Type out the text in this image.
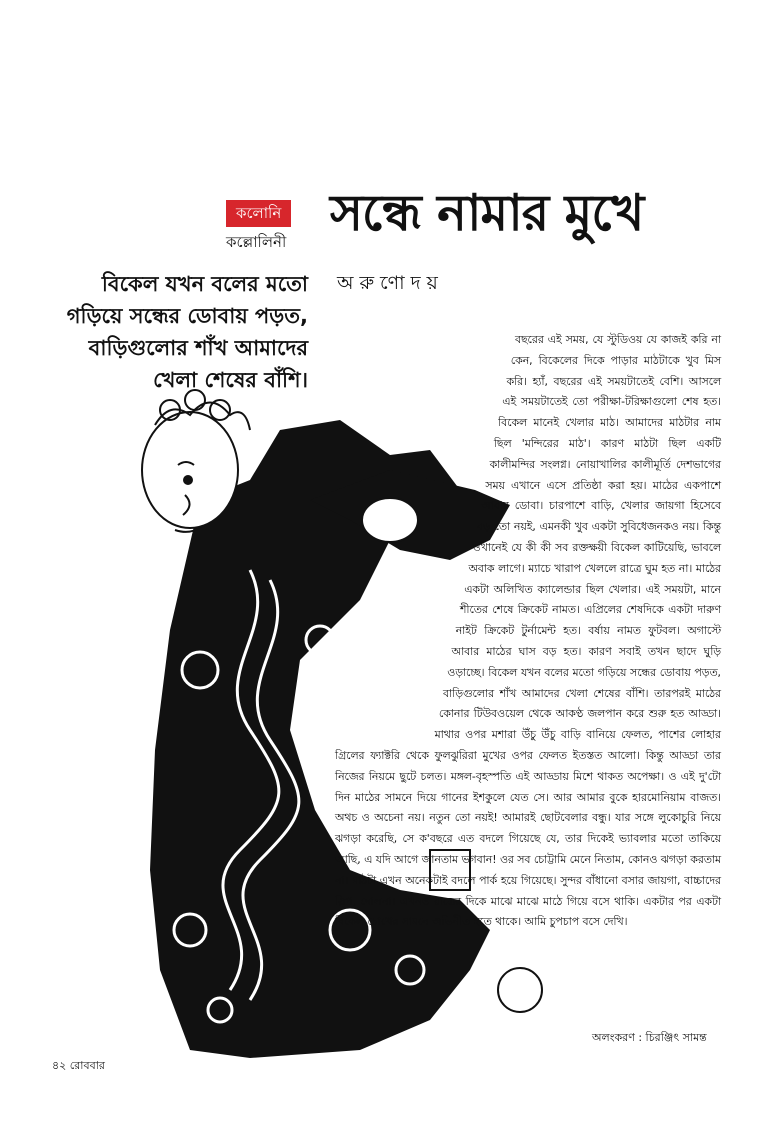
কলোনি
কল্লোলিনী সন্ধে নামার মুখে
অরুণোদয়
বিকেল যখন বলের মতো গড়িয়ে সন্ধের ডোবায় পড়ত, বাড়িগুলোর শাঁখ আমাদের খেলা শেষের বাঁশি।
বছরের এই সময়, যে স্টুডিওয় যে কাজই করি না কেন, বিকেলের দিকে পাড়ার মাঠটাকে খুব মিস করি। হ্যাঁ, বছরের এই সময়টাতেই বেশি। আসলে এই সময়টাতেই তো পরীক্ষা-টরিক্ষাগুলো শেষ হত। বিকেল মানেই খেলার মাঠ। আমাদের মাঠটার নাম ছিল 'মন্দিরের মাঠ'। কারণ মাঠটা ছিল একটি কালীমন্দির সংলগ্ন। নোয়াখালির কালীমূর্তি দেশভাগের সময় এখানে এসে প্রতিষ্ঠা করা হয়। মাঠের একপাশে আবার ডোবা। চারপাশে বাড়ি, খেলার জায়গা হিসেবে বড় তো নয়ই, এমনকী খুব একটা সুবিধেজনকও নয়। কিন্তু ওখানেই যে কী কী সব রক্তক্ষয়ী বিকেল কাটিয়েছি, ভাবলে অবাক লাগে। ম্যাচে খারাপ খেললে রাত্রে ঘুম হত না। মাঠের একটা অলিখিত ক্যালেন্ডার ছিল খেলার। এই সময়টা, মানে শীতের শেষে ক্রিকেট নামত। এপ্রিলের শেষদিকে একটা দারুণ নাইট ক্রিকেট টুর্নামেন্ট হত। বর্ষায় নামত ফুটবল। অগাস্টে আবার মাঠের ঘাস বড় হত। কারণ সবাই তখন ছাদে ঘুড়ি ওড়াচ্ছে। বিকেল যখন বলের মতো গড়িয়ে সন্ধের ডোবায় পড়ত, বাড়িগুলোর শাঁখ আমাদের খেলা শেষের বাঁশি। তারপরই মাঠের কোনার টিউবওয়েল থেকে আকণ্ঠ জলপান করে শুরু হত আড্ডা। মাথার ওপর মশারা উঁচু উঁচু বাড়ি বানিয়ে ফেলত, পাশের লোহার গ্রিলের ফ্যাক্টরি থেকে ফুলঝুরিরা মুখের ওপর ফেলত ইতস্তত আলো। কিন্তু আড্ডা তার নিজের নিয়মে ছুটে চলত। মঙ্গল-বৃহস্পতি এই আড্ডায় মিশে থাকত অপেক্ষা। ও এই দু'টো দিন মাঠের সামনে দিয়ে গানের ইশকুলে যেত সে। আর আমার বুকে হারমোনিয়াম বাজত। অথচ ও অচেনা নয়। নতুন তো নয়ই! আমারই ছোটবেলার বন্ধু। যার সঙ্গে লুকোচুরি নিয়ে ঝগড়া করেছি, সে ক'বছরে এত বদলে গিয়েছে যে, তার দিকেই ভ্যাবলার মতো তাকিয়ে আছি, এ যদি আগে জানতাম ভগবান! ওর সব চোট্টামি মেনে নিতাম, কোনও ঝগড়া করতাম না। মাঠটা এখন অনেকটাই বদলে পার্ক হয়ে গিয়েছে। সুন্দর বাঁধানো বসার জায়গা, বাচ্চাদের স্লিপ, দোলনা। এখনও রাত্রের দিকে মাঝে মাঝে মাঠে গিয়ে বসে থাকি। একটার পর একটা বিকেল চোখের সামনে অভিনীত হতে থাকে। আমি চুপচাপ বসে দেখি।
অলংকরণ : চিরঞ্জিৎ সামন্ত
৪২ রোববার
